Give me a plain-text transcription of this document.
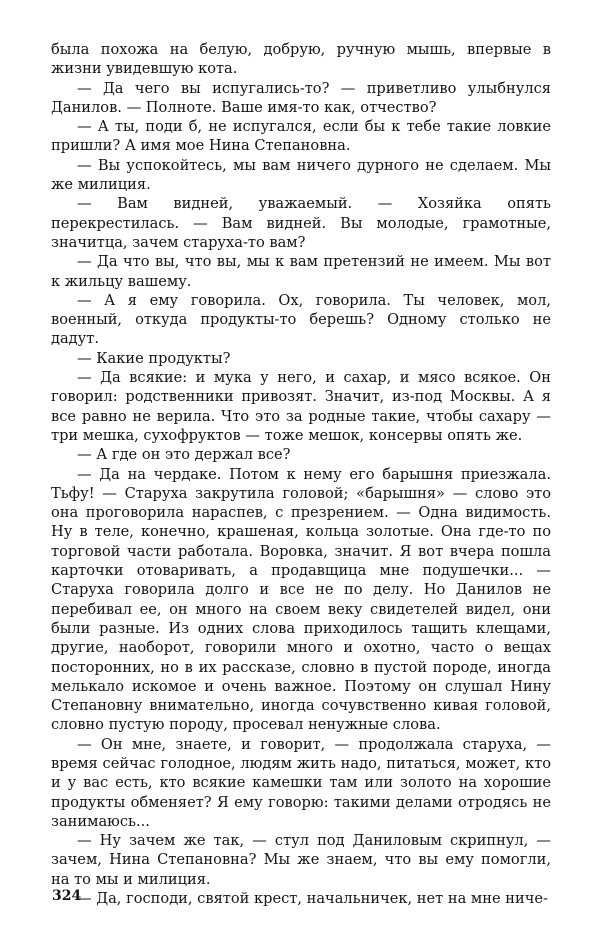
была похожа на белую, добрую, ручную мышь, впервые в жизни увидевшую кота.

— Да чего вы испугались-то? — приветливо улыбнулся Данилов. — Полноте. Ваше имя-то как, отчество?

— А ты, поди б, не испугался, если бы к тебе такие ловкие пришли? А имя мое Нина Степановна.

— Вы успокойтесь, мы вам ничего дурного не сделаем. Мы же милиция.

— Вам видней, уважаемый. — Хозяйка опять перекрестилась. — Вам видней. Вы молодые, грамотные, значитца, зачем старуха-то вам?

— Да что вы, что вы, мы к вам претензий не имеем. Мы вот к жильцу вашему.

— А я ему говорила. Ох, говорила. Ты человек, мол, военный, откуда продукты-то берешь? Одному столько не дадут.

— Какие продукты?

— Да всякие: и мука у него, и сахар, и мясо всякое. Он говорил: родственники привозят. Значит, из-под Москвы. А я все равно не верила. Что это за родные такие, чтобы сахару — три мешка, сухофруктов — тоже мешок, консервы опять же.

— А где он это держал все?

— Да на чердаке. Потом к нему его барышня приезжала. Тьфу! — Старуха закрутила головой; «барышня» — слово это она проговорила нараспев, с презрением. — Одна видимость. Ну в теле, конечно, крашеная, кольца золотые. Она где-то по торговой части работала. Воровка, значит. Я вот вчера пошла карточки отоваривать, а продавщица мне подушечки... — Старуха говорила долго и все не по делу. Но Данилов не перебивал ее, он много на своем веку свидетелей видел, они были разные. Из одних слова приходилось тащить клещами, другие, наоборот, говорили много и охотно, часто о вещах посторонних, но в их рассказе, словно в пустой породе, иногда мелькало искомое и очень важное. Поэтому он слушал Нину Степановну внимательно, иногда сочувственно кивая головой, словно пустую породу, просевал ненужные слова.

— Он мне, знаете, и говорит, — продолжала старуха, — время сейчас голодное, людям жить надо, питаться, может, кто и у вас есть, кто всякие камешки там или золото на хорошие продукты обменяет? Я ему говорю: такими делами отродясь не занимаюсь...

— Ну зачем же так, — стул под Даниловым скрипнул, — зачем, Нина Степановна? Мы же знаем, что вы ему помогли, на то мы и милиция.

— Да, господи, святой крест, начальничек, нет на мне ниче-

324
